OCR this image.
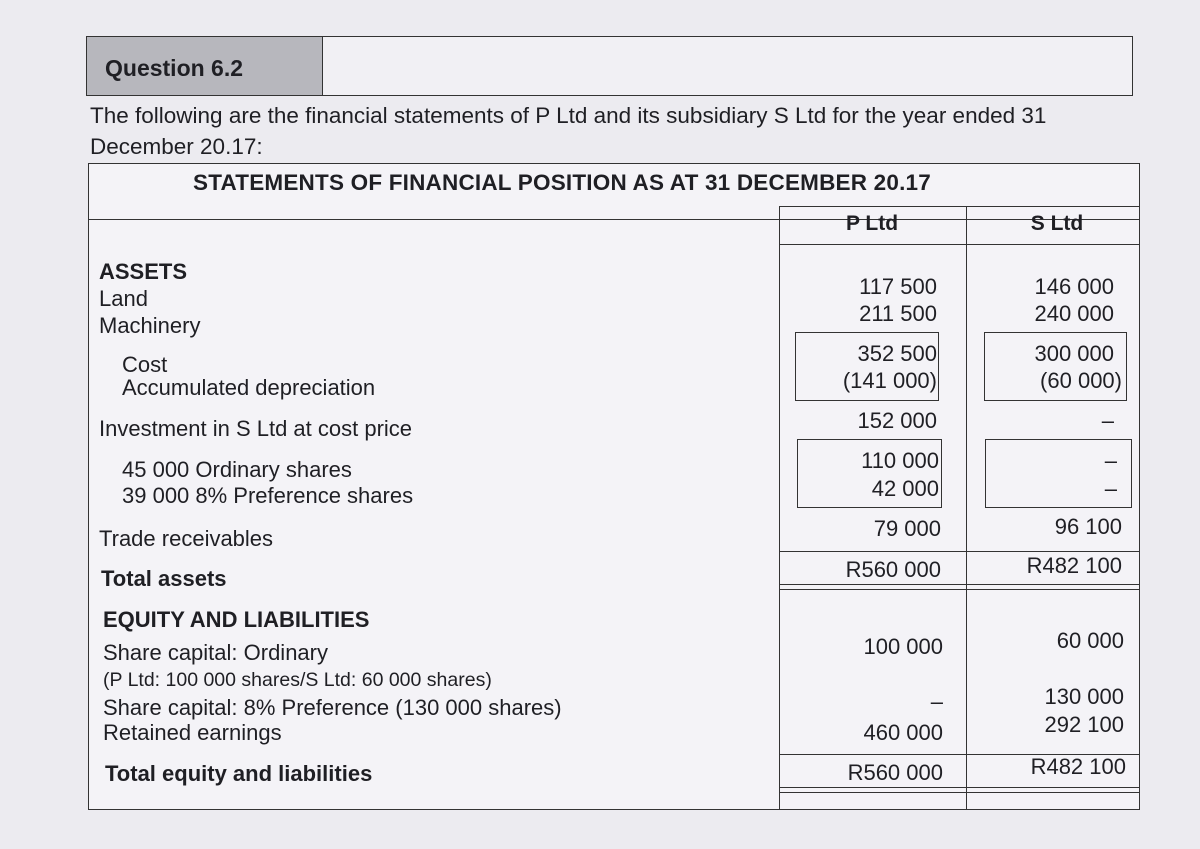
Question 6.2
The following are the financial statements of P Ltd and its subsidiary S Ltd for the year ended 31 December 20.17:
STATEMENTS OF FINANCIAL POSITION AS AT 31 DECEMBER 20.17
P Ltd	S Ltd
ASSETS
Land
Machinery
Cost
Accumulated depreciation
Investment in S Ltd at cost price
45 000 Ordinary shares
39 000 8% Preference shares
Trade receivables
Total assets
EQUITY AND LIABILITIES
Share capital: Ordinary
(P Ltd: 100 000 shares/S Ltd: 60 000 shares)
Share capital: 8% Preference (130 000 shares)
Retained earnings
Total equity and liabilities
117 500
211 500
352 500
(141 000)
152 000
110 000
42 000
79 000
R560 000
100 000
–
460 000
R560 000
146 000
240 000
300 000
(60 000)
–
–
–
96 100
R482 100
60 000
130 000
292 100
R482 100
